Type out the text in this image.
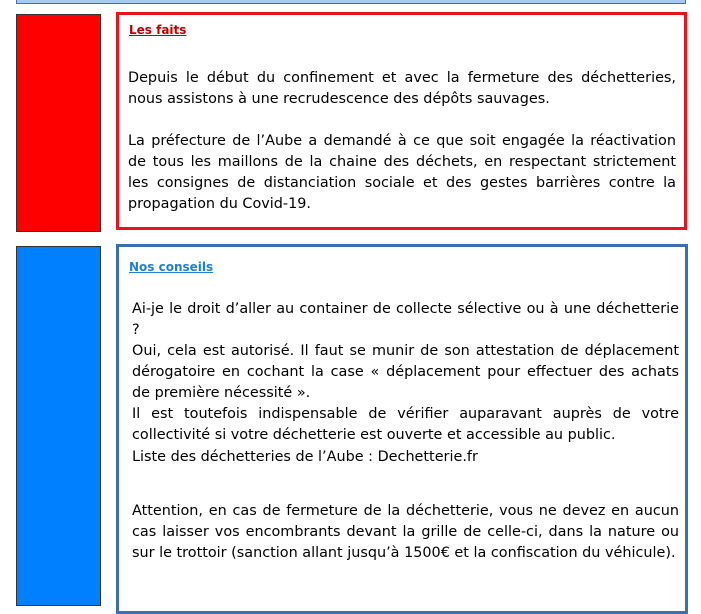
Les faits

Depuis le début du confinement et avec la fermeture des déchetteries, nous assistons à une recrudescence des dépôts sauvages.

La préfecture de l’Aube a demandé à ce que soit engagée la réactivation de tous les maillons de la chaine des déchets, en respectant strictement les consignes de distanciation sociale et des gestes barrières contre la propagation du Covid-19.

Nos conseils
Ai-je le droit d’aller au container de collecte sélective ou à une déchetterie ?
Oui, cela est autorisé. Il faut se munir de son attestation de déplacement dérogatoire en cochant la case « déplacement pour effectuer des achats de première nécessité ».
Il est toutefois indispensable de vérifier auparavant auprès de votre collectivité si votre déchetterie est ouverte et accessible au public.

Liste des déchetteries de l’Aube : Dechetterie.fr

Attention, en cas de fermeture de la déchetterie, vous ne devez en aucun cas laisser vos encombrants devant la grille de celle-ci, dans la nature ou sur le trottoir (sanction allant jusqu’à 1500€ et la confiscation du véhicule).
